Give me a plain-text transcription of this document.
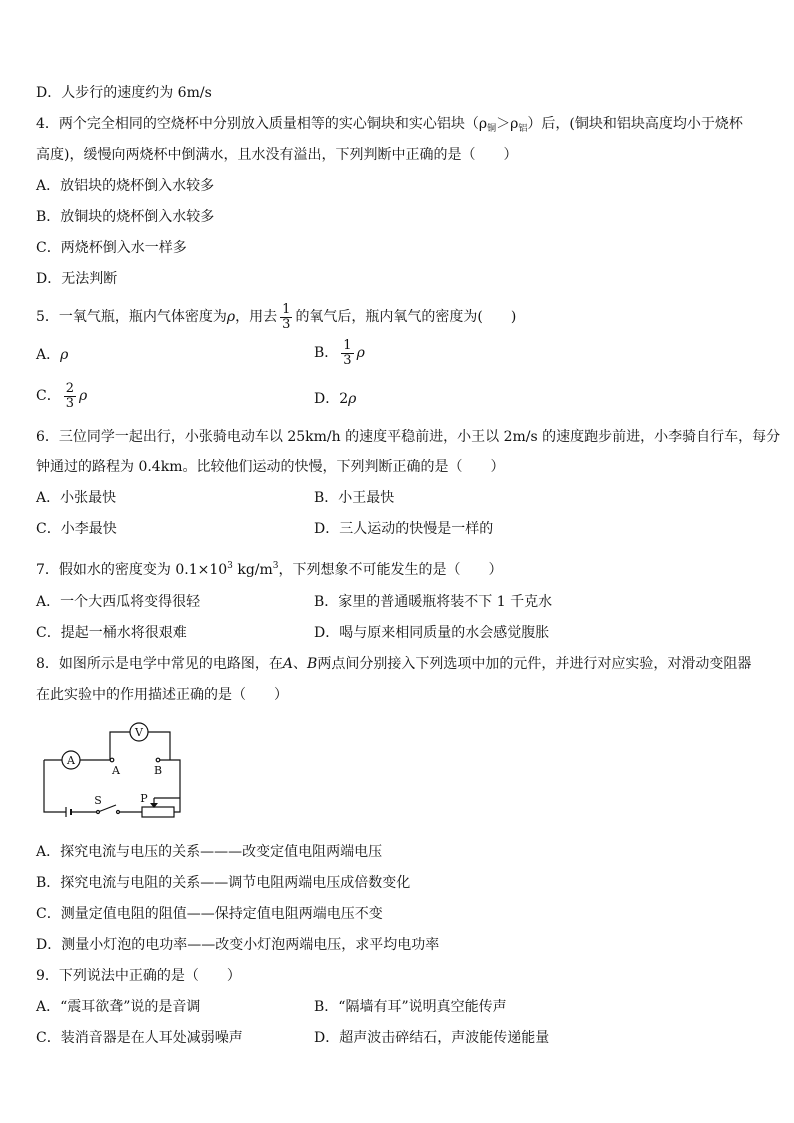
D．人步行的速度约为 6m/s
4．两个完全相同的空烧杯中分别放入质量相等的实心铜块和实心铝块$(\rho_铜>\rho_铝)$后，(铜块和铝块高度均小于烧杯
高度)，缓慢向两烧杯中倒满水，且水没有溢出，下列判断中正确的是（　　）
A．放铝块的烧杯倒入水较多
B．放铜块的烧杯倒入水较多
C．两烧杯倒入水一样多
D．无法判断
5．一氧气瓶，瓶内气体密度为ρ，用去 $\frac{1}{3}$ 的氧气后，瓶内氧气的密度为(　　)
A．ρ	B． $\frac{1}{3}$ ρ
C． $\frac{2}{3}$ ρ	D．2ρ
6．三位同学一起出行，小张骑电动车以 25km/h 的速度平稳前进，小王以 2m/s 的速度跑步前进，小李骑自行车，每分
钟通过的路程为 0.4km。比较他们运动的快慢，下列判断正确的是（　　）
A．小张最快	B．小王最快
C．小李最快	D．三人运动的快慢是一样的
7．假如水的密度变为 $0.1\times 10^3$ $kg/m^3$，下列想象不可能发生的是（　　）
A．一个大西瓜将变得很轻	B．家里的普通暖瓶将装不下 1 千克水
C．提起一桶水将很艰难	D．喝与原来相同质量的水会感觉腹胀
8．如图所示是电学中常见的电路图，在A、B两点间分别接入下列选项中加的元件，并进行对应实验，对滑动变阻器
在此实验中的作用描述正确的是（　　）
A
V
A	B
S	P
A．探究电流与电压的关系———改变定值电阻两端电压
B．探究电流与电阻的关系——调节电阻两端电压成倍数变化
C．测量定值电阻的阻值——保持定值电阻两端电压不变
D．测量小灯泡的电功率——改变小灯泡两端电压，求平均电功率
9．下列说法中正确的是（　　）
A．“震耳欲聋”说的是音调	B．“隔墙有耳”说明真空能传声
C．装消音器是在人耳处减弱噪声	D．超声波击碎结石，声波能传递能量
